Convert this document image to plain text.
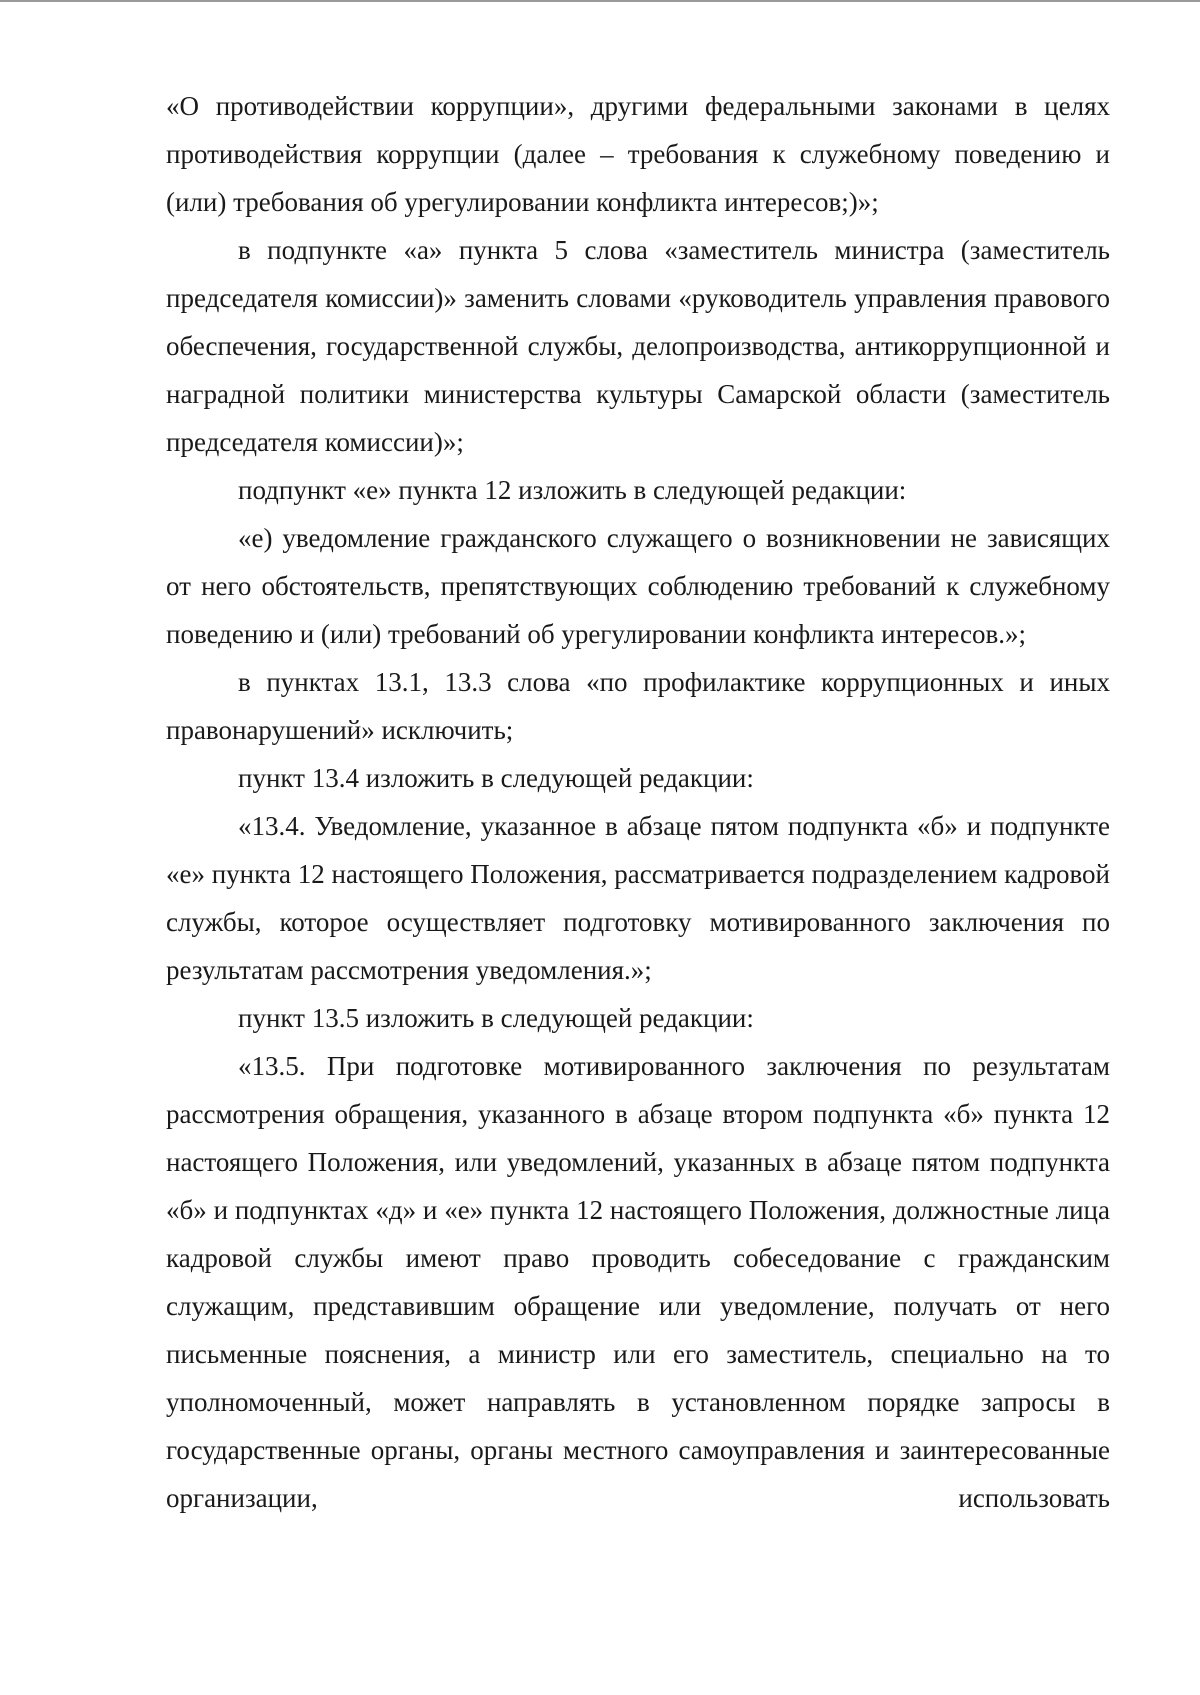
«О противодействии коррупции», другими федеральными законами в целях противодействия коррупции (далее – требования к служебному поведению и (или) требования об урегулировании конфликта интересов;)»;

в подпункте «а» пункта 5 слова «заместитель министра (заместитель председателя комиссии)» заменить словами «руководитель управления правового обеспечения, государственной службы, делопроизводства, антикоррупционной и наградной политики министерства культуры Самарской области (заместитель председателя комиссии)»;

подпункт «е» пункта 12 изложить в следующей редакции:

«е) уведомление гражданского служащего о возникновении не зависящих от него обстоятельств, препятствующих соблюдению требований к служебному поведению и (или) требований об урегулировании конфликта интересов.»;

в пунктах 13.1, 13.3 слова «по профилактике коррупционных и иных правонарушений» исключить;

пункт 13.4 изложить в следующей редакции:

«13.4. Уведомление, указанное в абзаце пятом подпункта «б» и подпункте «е» пункта 12 настоящего Положения, рассматривается подразделением кадровой службы, которое осуществляет подготовку мотивированного заключения по результатам рассмотрения уведомления.»;

пункт 13.5 изложить в следующей редакции:

«13.5. При подготовке мотивированного заключения по результатам рассмотрения обращения, указанного в абзаце втором подпункта «б» пункта 12 настоящего Положения, или уведомлений, указанных в абзаце пятом подпункта «б» и подпунктах «д» и «е» пункта 12 настоящего Положения, должностные лица кадровой службы имеют право проводить собеседование с гражданским служащим, представившим обращение или уведомление, получать от него письменные пояснения, а министр или его заместитель, специально на то уполномоченный, может направлять в установленном порядке запросы в государственные органы, органы местного самоуправления и заинтересованные организации, использовать
